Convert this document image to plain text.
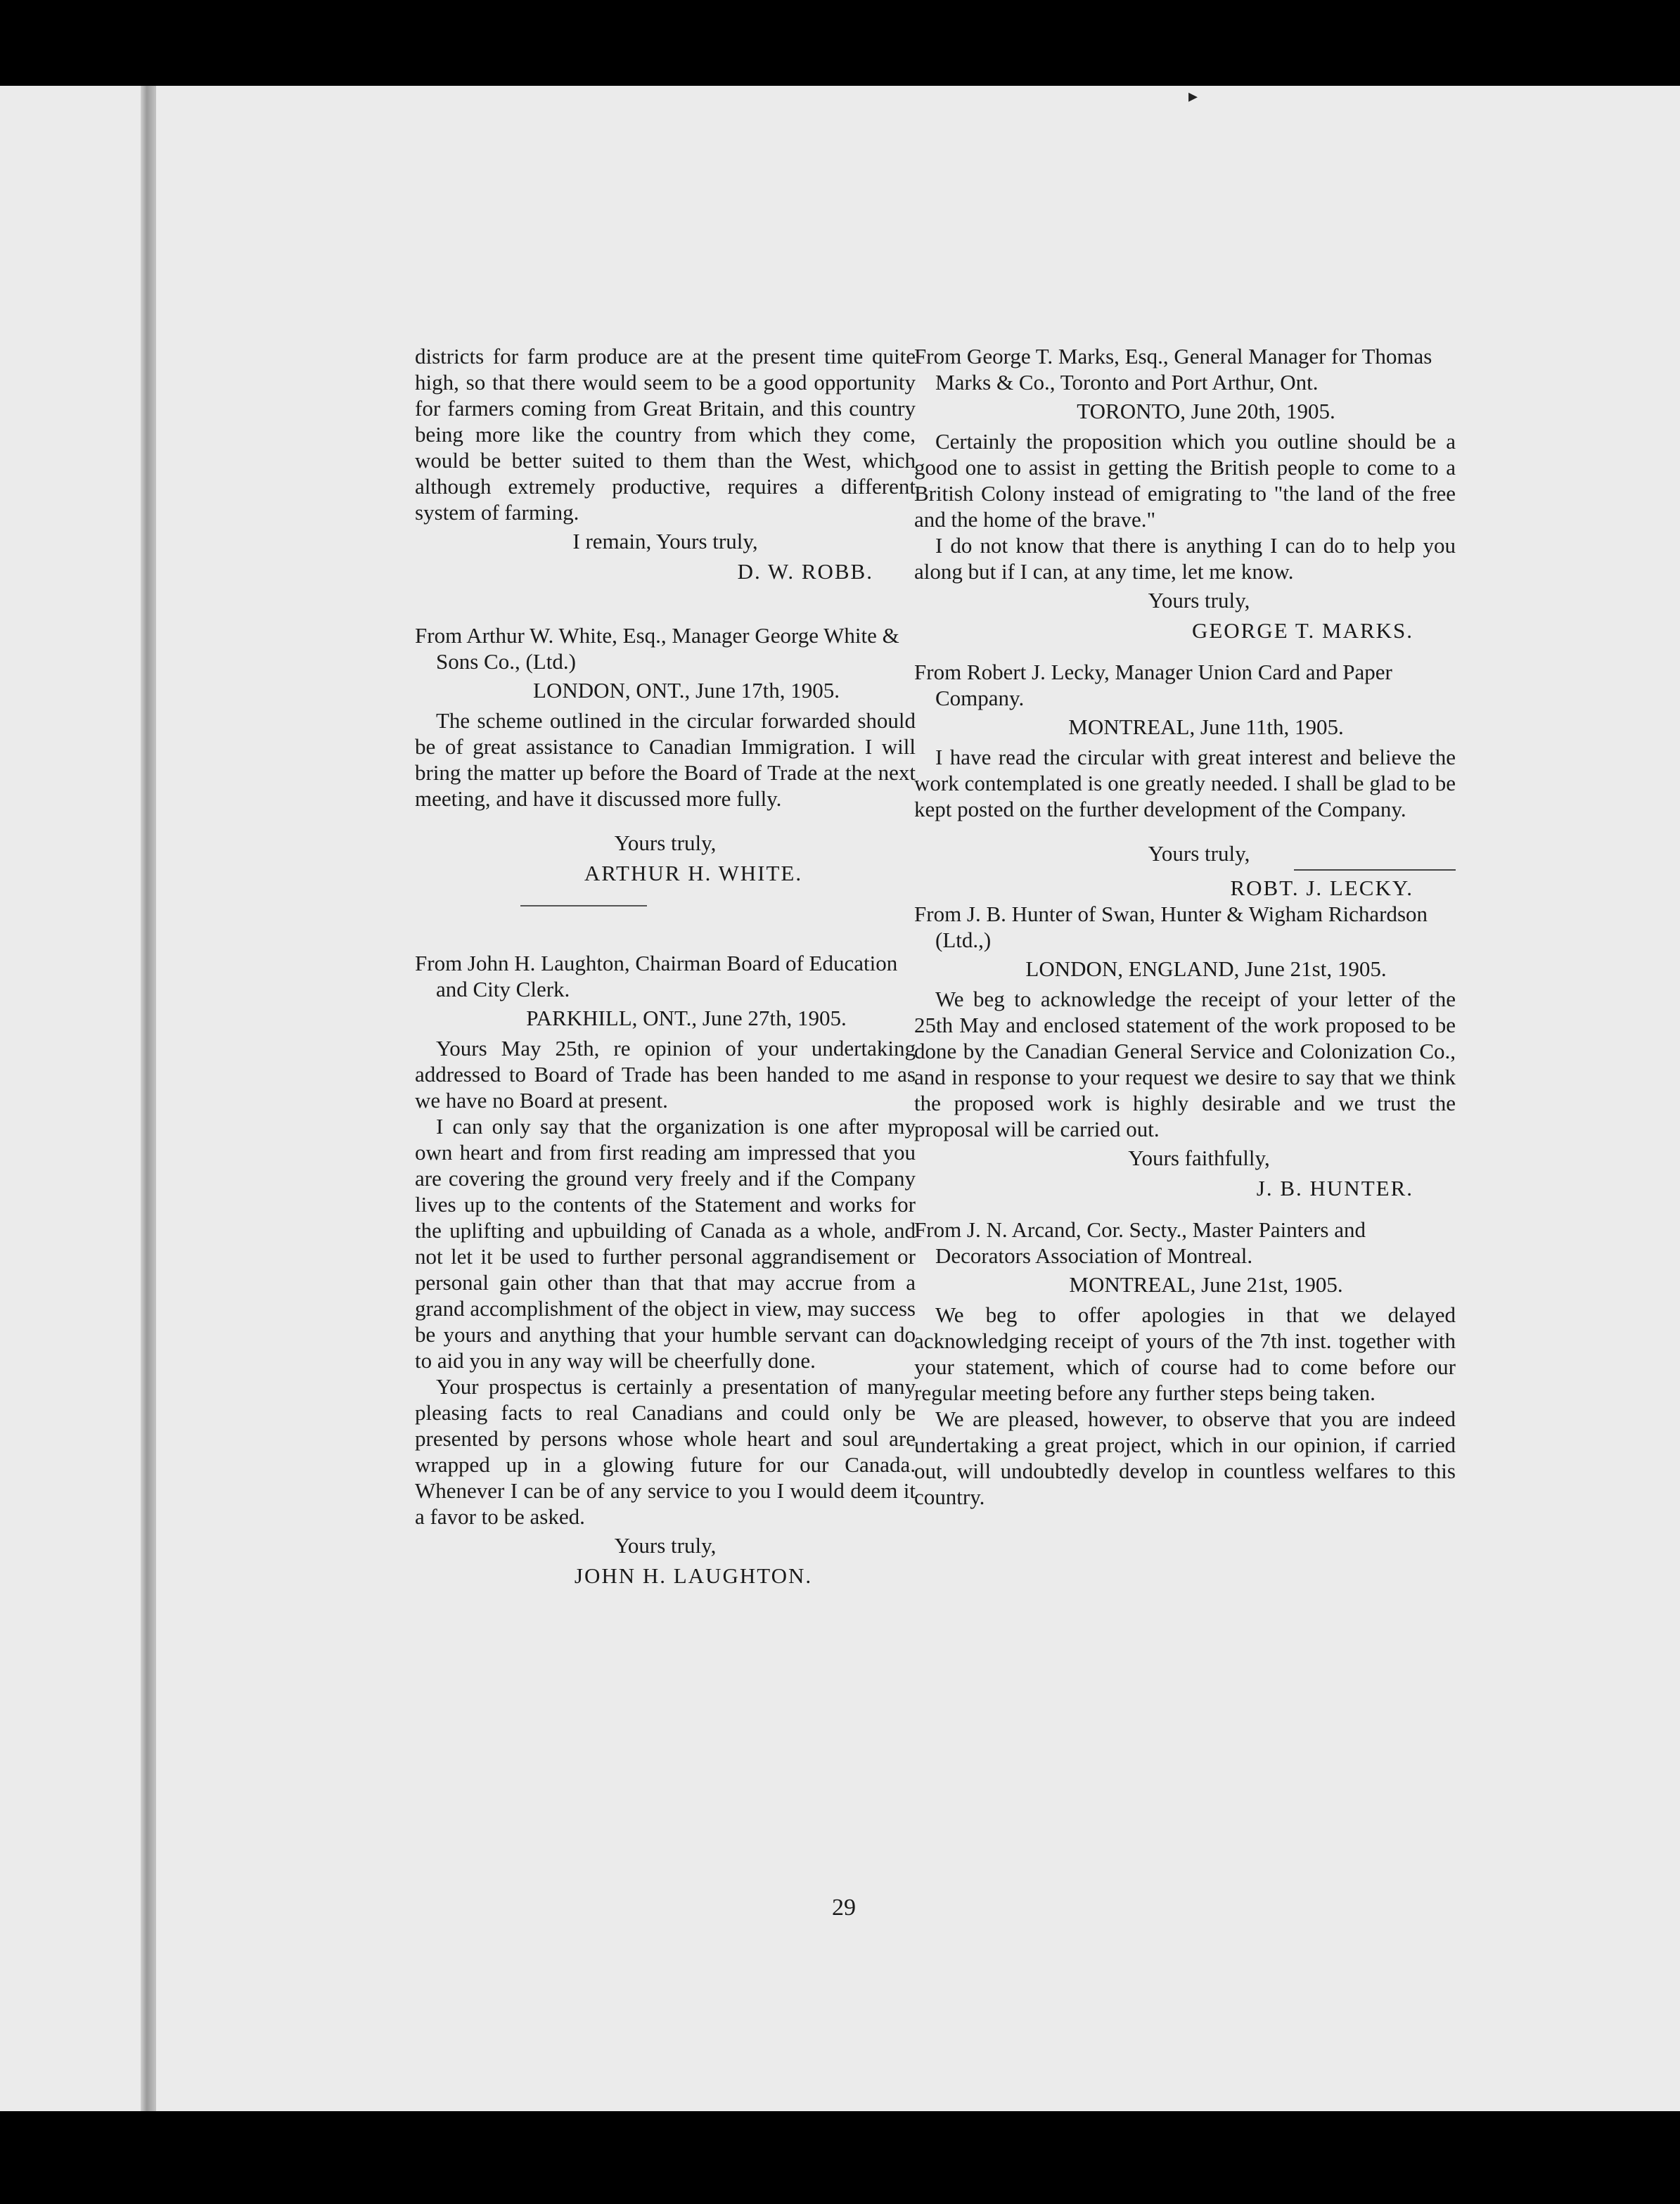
▸

districts for farm produce are at the present time quite high, so that there would seem to be a good opportunity for farmers coming from Great Britain, and this country being more like the country from which they come, would be better suited to them than the West, which although extremely productive, requires a different system of farming.

I remain, Yours truly,

D. W. ROBB.

From Arthur W. White, Esq., Manager George White & Sons Co., (Ltd.)

LONDON, ONT., June 17th, 1905.

The scheme outlined in the circular forwarded should be of great assistance to Canadian Immigration. I will bring the matter up before the Board of Trade at the next meeting, and have it discussed more fully.

Yours truly,

ARTHUR H. WHITE.

From John H. Laughton, Chairman Board of Education and City Clerk.

PARKHILL, ONT., June 27th, 1905.

Yours May 25th, re opinion of your undertaking addressed to Board of Trade has been handed to me as we have no Board at present.

I can only say that the organization is one after my own heart and from first reading am impressed that you are covering the ground very freely and if the Company lives up to the contents of the Statement and works for the uplifting and upbuilding of Canada as a whole, and not let it be used to further personal aggrandisement or personal gain other than that that may accrue from a grand accomplishment of the object in view, may success be yours and anything that your humble servant can do to aid you in any way will be cheerfully done.

Your prospectus is certainly a presentation of many pleasing facts to real Canadians and could only be presented by persons whose whole heart and soul are wrapped up in a glowing future for our Canada. Whenever I can be of any service to you I would deem it a favor to be asked.

Yours truly,

JOHN H. LAUGHTON.

From George T. Marks, Esq., General Manager for Thomas Marks & Co., Toronto and Port Arthur, Ont.

TORONTO, June 20th, 1905.

Certainly the proposition which you outline should be a good one to assist in getting the British people to come to a British Colony instead of emigrating to "the land of the free and the home of the brave."

I do not know that there is anything I can do to help you along but if I can, at any time, let me know.

Yours truly,

GEORGE T. MARKS.

From Robert J. Lecky, Manager Union Card and Paper Company.

MONTREAL, June 11th, 1905.

I have read the circular with great interest and believe the work contemplated is one greatly needed. I shall be glad to be kept posted on the further development of the Company.

Yours truly,

ROBT. J. LECKY.

From J. B. Hunter of Swan, Hunter & Wigham Richardson (Ltd.,)

LONDON, ENGLAND, June 21st, 1905.

We beg to acknowledge the receipt of your letter of the 25th May and enclosed statement of the work proposed to be done by the Canadian General Service and Colonization Co., and in response to your request we desire to say that we think the proposed work is highly desirable and we trust the proposal will be carried out.

Yours faithfully,

J. B. HUNTER.

From J. N. Arcand, Cor. Secty., Master Painters and Decorators Association of Montreal.

MONTREAL, June 21st, 1905.

We beg to offer apologies in that we delayed acknowledging receipt of yours of the 7th inst. together with your statement, which of course had to come before our regular meeting before any further steps being taken.

We are pleased, however, to observe that you are indeed undertaking a great project, which in our opinion, if carried out, will undoubtedly develop in countless welfares to this country.

29
